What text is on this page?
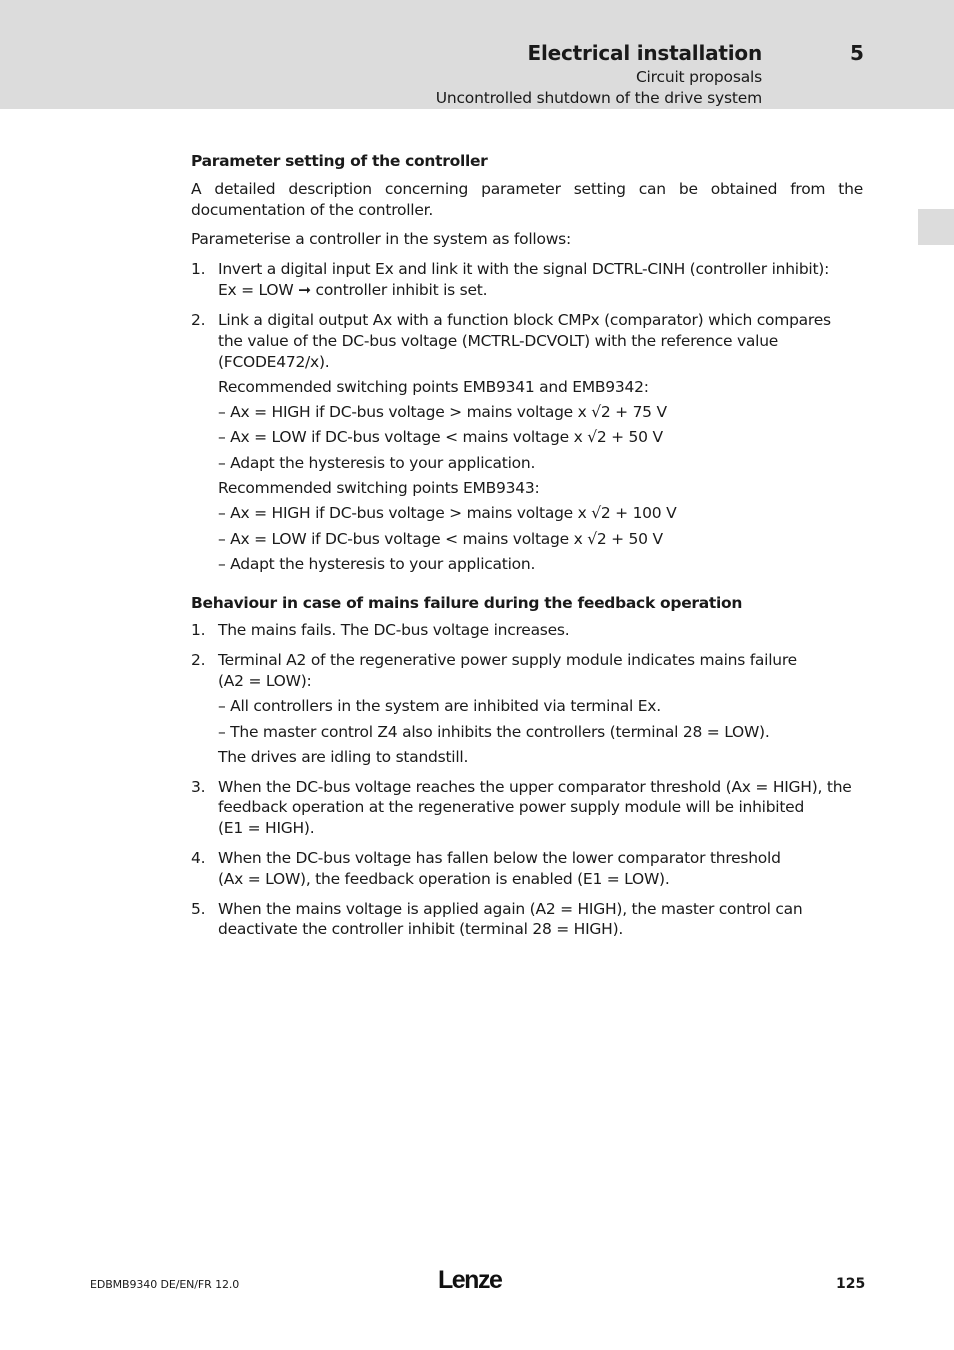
Electrical installation	5
Circuit proposals
Uncontrolled shutdown of the drive system
Parameter setting of the controller
A detailed description concerning parameter setting can be obtained from the documentation of the controller.
Parameterise a controller in the system as follows:
1. Invert a digital input Ex and link it with the signal DCTRL-CINH (controller inhibit):
Ex = LOW ➞ controller inhibit is set.
2. Link a digital output Ax with a function block CMPx (comparator) which compares
the value of the DC-bus voltage (MCTRL-DCVOLT) with the reference value
(FCODE472/x).
Recommended switching points EMB9341 and EMB9342:
– Ax = HIGH if DC-bus voltage > mains voltage x √2 + 75 V
– Ax = LOW if DC-bus voltage < mains voltage x √2 + 50 V
– Adapt the hysteresis to your application.
Recommended switching points EMB9343:
– Ax = HIGH if DC-bus voltage > mains voltage x √2 + 100 V
– Ax = LOW if DC-bus voltage < mains voltage x √2 + 50 V
– Adapt the hysteresis to your application.
Behaviour in case of mains failure during the feedback operation
1. The mains fails. The DC-bus voltage increases.
2. Terminal A2 of the regenerative power supply module indicates mains failure
(A2 = LOW):
– All controllers in the system are inhibited via terminal Ex.
– The master control Z4 also inhibits the controllers (terminal 28 = LOW).
The drives are idling to standstill.
3. When the DC-bus voltage reaches the upper comparator threshold (Ax = HIGH), the
feedback operation at the regenerative power supply module will be inhibited
(E1 = HIGH).
4. When the DC-bus voltage has fallen below the lower comparator threshold
(Ax = LOW), the feedback operation is enabled (E1 = LOW).
5. When the mains voltage is applied again (A2 = HIGH), the master control can
deactivate the controller inhibit (terminal 28 = HIGH).
EDBMB9340 DE/EN/FR 12.0	Lenze	125
